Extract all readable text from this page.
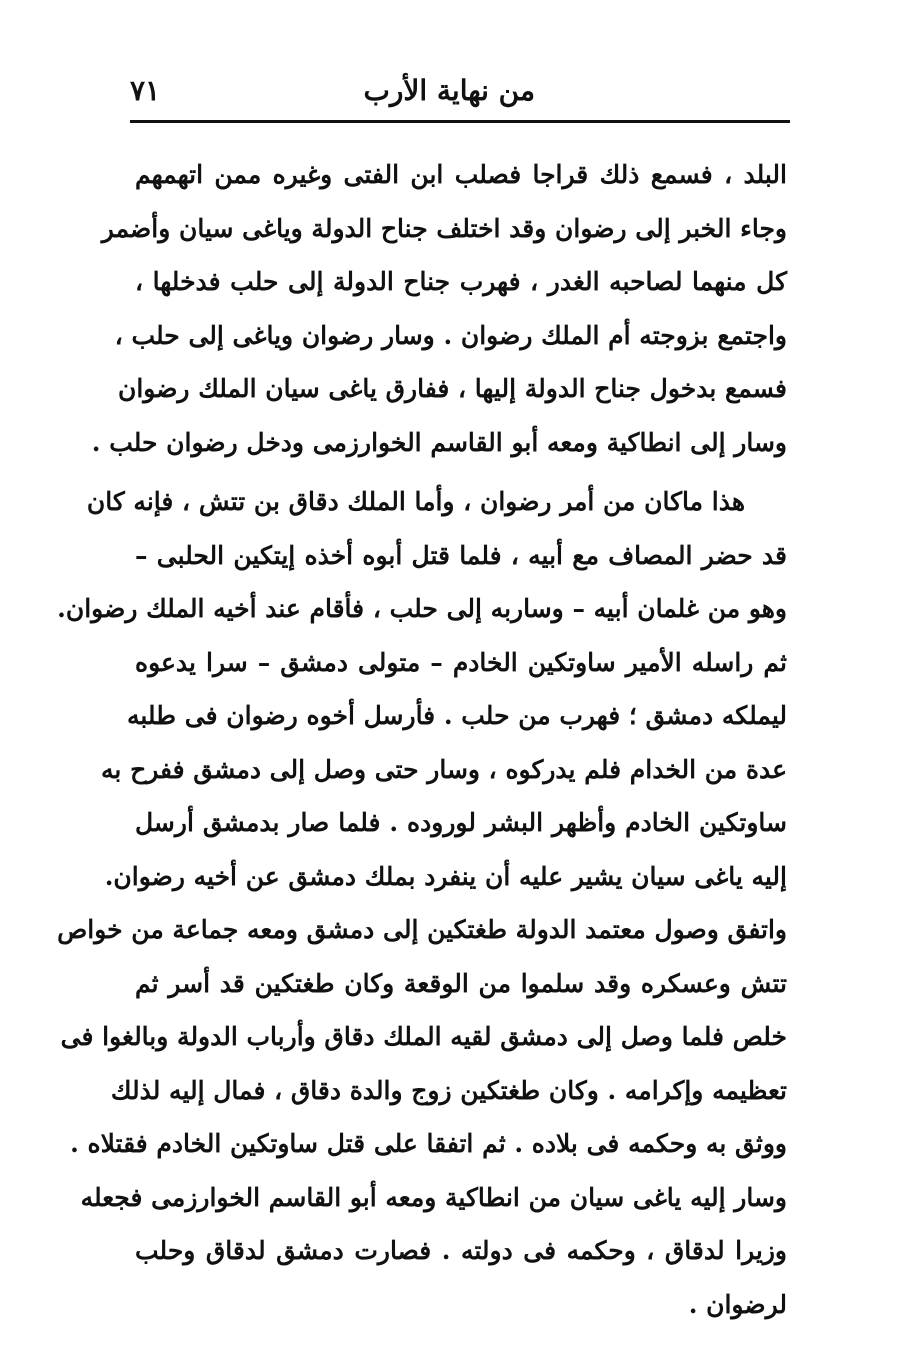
من نهاية الأرب
٧١
البلد ، فسمع ذلك قراجا فصلب ابن الفتى وغيره ممن اتهمهم
وجاء الخبر إلى رضوان وقد اختلف جناح الدولة وياغى سيان وأضمر
كل منهما لصاحبه الغدر ، فهرب جناح الدولة إلى حلب فدخلها ،
واجتمع بزوجته أم الملك رضوان . وسار رضوان وياغى إلى حلب ،
فسمع بدخول جناح الدولة إليها ، ففارق ياغى سيان الملك رضوان
وسار إلى انطاكية ومعه أبو القاسم الخوارزمى ودخل رضوان حلب .
هذا ماكان من أمر رضوان ، وأما الملك دقاق بن تتش ، فإنه كان
قد حضر المصاف مع أبيه ، فلما قتل أبوه أخذه إيتكين الحلبى –
وهو من غلمان أبيه – وساربه إلى حلب ، فأقام عند أخيه الملك رضوان.
ثم راسله الأمير ساوتكين الخادم – متولى دمشق – سرا يدعوه
ليملكه دمشق ؛ فهرب من حلب . فأرسل أخوه رضوان فى طلبه
عدة من الخدام فلم يدركوه ، وسار حتى وصل إلى دمشق ففرح به
ساوتكين الخادم وأظهر البشر لوروده . فلما صار بدمشق أرسل
إليه ياغى سيان يشير عليه أن ينفرد بملك دمشق عن أخيه رضوان.
واتفق وصول معتمد الدولة طغتكين إلى دمشق ومعه جماعة من خواص
تتش وعسكره وقد سلموا من الوقعة وكان طغتكين قد أسر ثم
خلص فلما وصل إلى دمشق لقيه الملك دقاق وأرباب الدولة وبالغوا فى
تعظيمه وإكرامه . وكان طغتكين زوج والدة دقاق ، فمال إليه لذلك
ووثق به وحكمه فى بلاده . ثم اتفقا على قتل ساوتكين الخادم فقتلاه .
وسار إليه ياغى سيان من انطاكية ومعه أبو القاسم الخوارزمى فجعله
وزيرا لدقاق ، وحكمه فى دولته . فصارت دمشق لدقاق وحلب
لرضوان .
